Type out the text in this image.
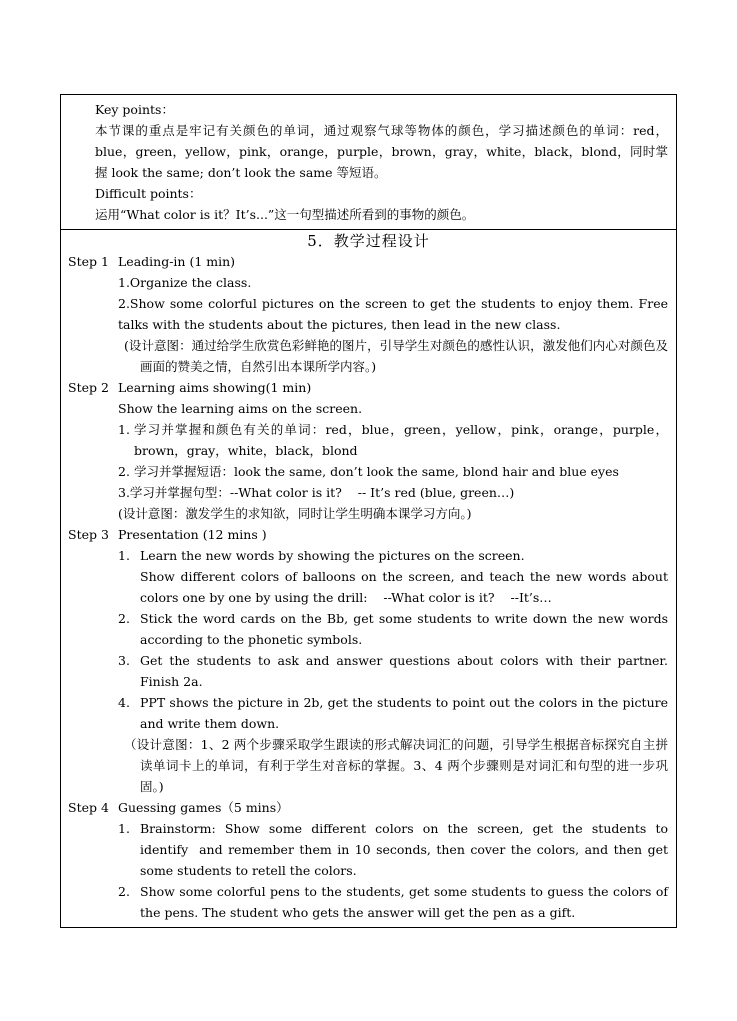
Key points：

本节课的重点是牢记有关颜色的单词，通过观察气球等物体的颜色，学习描述颜色的单词：red，blue，green，yellow，pink，orange，purple，brown，gray，white，black，blond，同时掌握 look the same; don’t look the same 等短语。

Difficult points：

运用“What color is it？It’s...”这一句型描述所看到的事物的颜色。

5．教学过程设计
Step 1 Leading-in (1 min)

1.Organize the class.

2.Show some colorful pictures on the screen to get the students to enjoy them. Free talks with the students about the pictures, then lead in the new class.

(设计意图：通过给学生欣赏色彩鲜艳的图片，引导学生对颜色的感性认识，激发他们内心对颜色及画面的赞美之情，自然引出本课所学内容。)

Step 2 Learning aims showing(1 min)

Show the learning aims on the screen.

1. 学习并掌握和颜色有关的单词：red，blue，green，yellow，pink，orange，purple，brown，gray，white，black，blond
2. 学习并掌握短语：look the same, don’t look the same, blond hair and blue eyes

3.学习并掌握句型：--What color is it?    -- It’s red (blue, green…)

(设计意图：激发学生的求知欲，同时让学生明确本课学习方向。)

Step 3 Presentation (12 mins )

1. Learn the new words by showing the pictures on the screen.
Show different colors of balloons on the screen, and teach the new words about colors one by one by using the drill:    --What color is it?    --It’s…
2. Stick the word cards on the Bb, get some students to write down the new words according to the phonetic symbols.
3. Get the students to ask and answer questions about colors with their partner. Finish 2a.
4. PPT shows the picture in 2b, get the students to point out the colors in the picture and write them down.

（设计意图：1、2 两个步骤采取学生跟读的形式解决词汇的问题，引导学生根据音标探究自主拼读单词卡上的单词，有利于学生对音标的掌握。3、4 两个步骤则是对词汇和句型的进一步巩固。)

Step 4 Guessing games（5 mins）

1. Brainstorm:  Show  some  different  colors  on  the  screen,  get  the  students  to  identify  and remember them in 10 seconds, then cover the colors, and then get some students to retell the colors.
2. Show some colorful pens to the students, get some students to guess the colors of the pens. The student who gets the answer will get the pen as a gift.
